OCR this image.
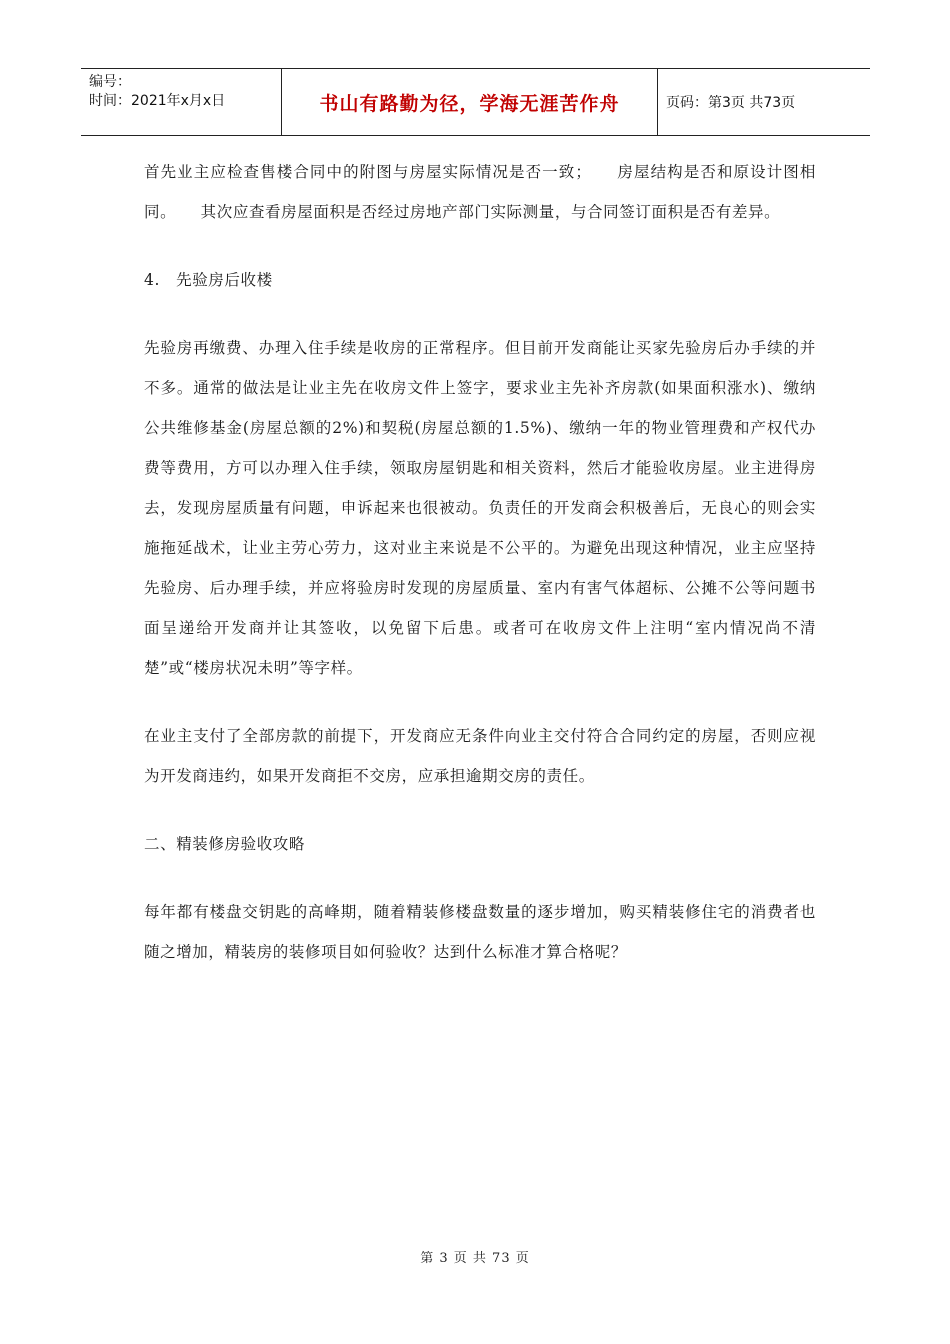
编号：
时间：2021年x月x日	书山有路勤为径，学海无涯苦作舟	页码：第3页 共73页

首先业主应检查售楼合同中的附图与房屋实际情况是否一致；　　房屋结构是否和原设计图相同。　　其次应查看房屋面积是否经过房地产部门实际测量，与合同签订面积是否有差异。

4.　先验房后收楼

先验房再缴费、办理入住手续是收房的正常程序。但目前开发商能让买家先验房后办手续的并不多。通常的做法是让业主先在收房文件上签字，要求业主先补齐房款(如果面积涨水)、缴纳公共维修基金(房屋总额的2%)和契税(房屋总额的1.5%)、缴纳一年的物业管理费和产权代办费等费用，方可以办理入住手续，领取房屋钥匙和相关资料，然后才能验收房屋。业主进得房去，发现房屋质量有问题，申诉起来也很被动。负责任的开发商会积极善后，无良心的则会实施拖延战术，让业主劳心劳力，这对业主来说是不公平的。为避免出现这种情况，业主应坚持先验房、后办理手续，并应将验房时发现的房屋质量、室内有害气体超标、公摊不公等问题书面呈递给开发商并让其签收，以免留下后患。或者可在收房文件上注明“室内情况尚不清楚”或“楼房状况未明”等字样。

在业主支付了全部房款的前提下，开发商应无条件向业主交付符合合同约定的房屋，否则应视为开发商违约，如果开发商拒不交房，应承担逾期交房的责任。

二、精装修房验收攻略

每年都有楼盘交钥匙的高峰期，随着精装修楼盘数量的逐步增加，购买精装修住宅的消费者也随之增加，精装房的装修项目如何验收？达到什么标准才算合格呢？

第 3 页 共 73 页
